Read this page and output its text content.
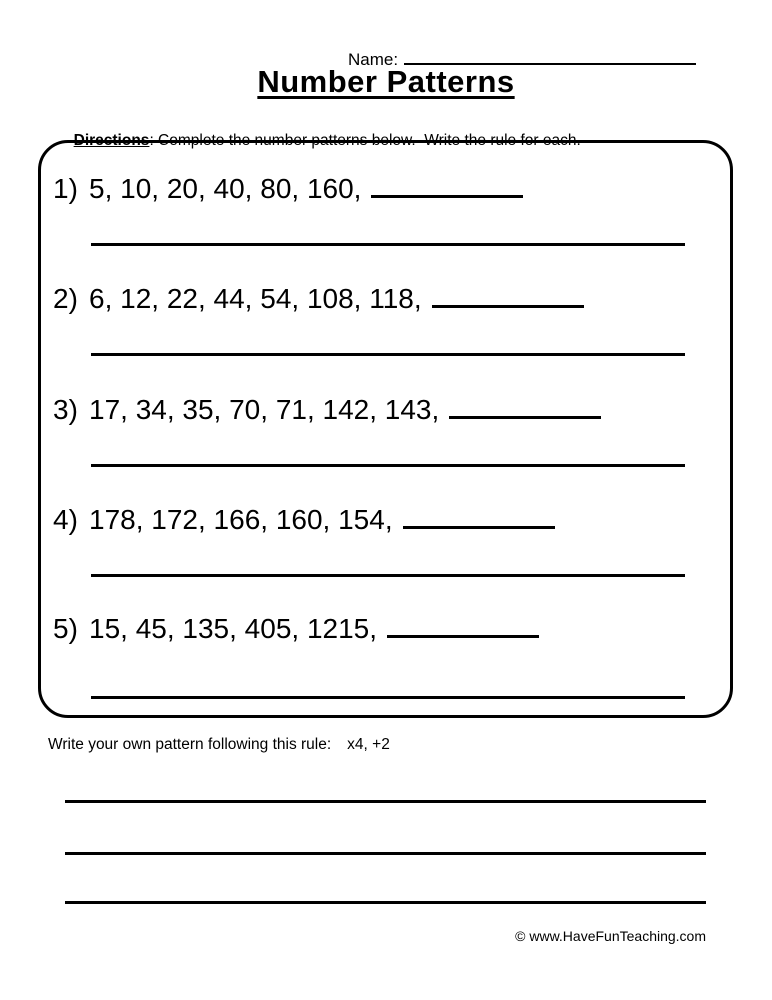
Name:
Number Patterns

Directions: Complete the number patterns below.  Write the rule for each.

1) 5, 10, 20, 40, 80, 160,
2) 6, 12, 22, 44, 54, 108, 118,
3) 17, 34, 35, 70, 71, 142, 143,
4) 178, 172, 166, 160, 154,
5) 15, 45, 135, 405, 1215,
Write your own pattern following this rule: x4, +2
© www.HaveFunTeaching.com
